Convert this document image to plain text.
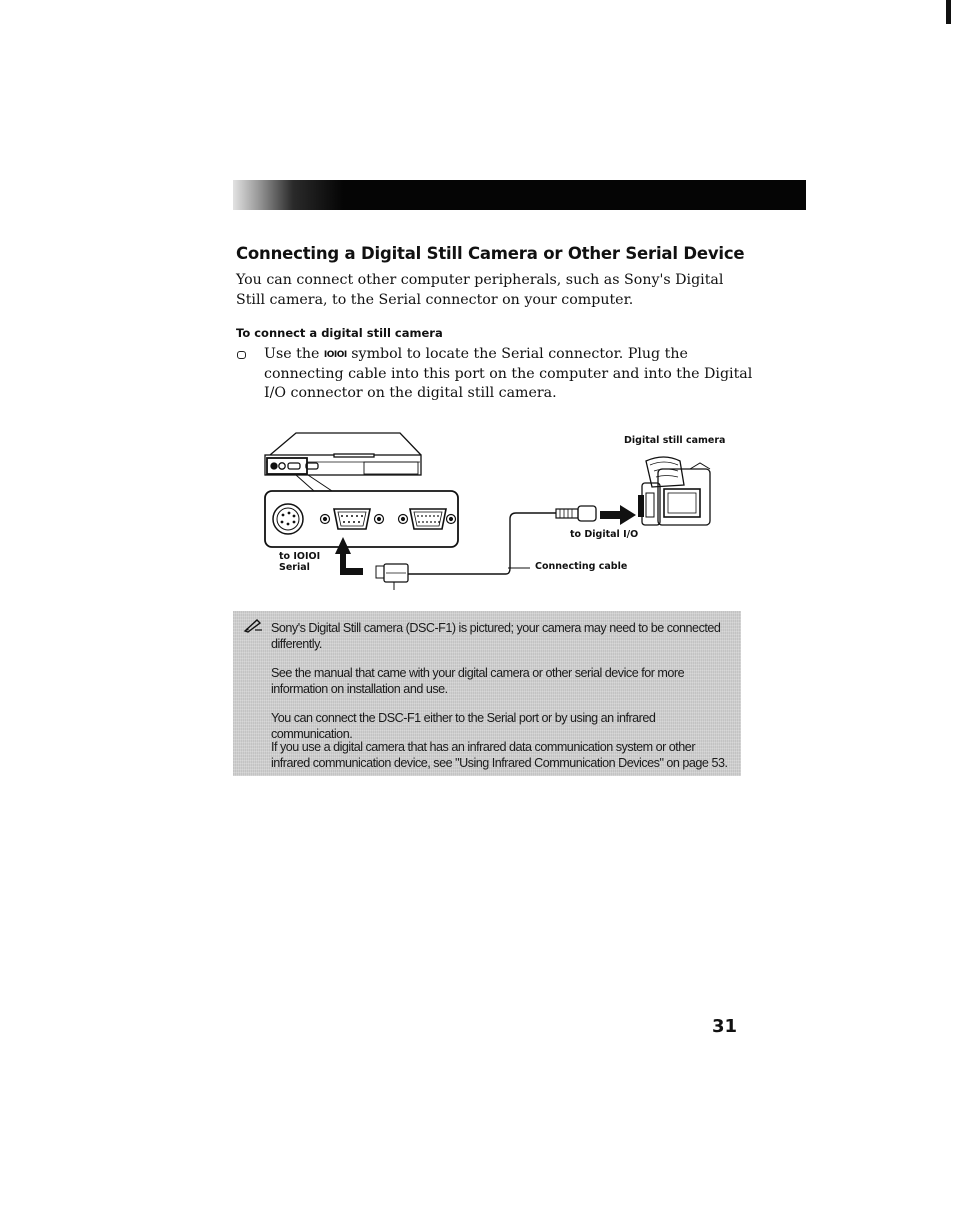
Connecting a Digital Still Camera or Other Serial Device

You can connect other computer peripherals, such as Sony's Digital Still camera, to the Serial connector on your computer.

To connect a digital still camera

Use the IOIOI symbol to locate the Serial connector. Plug the connecting cable into this port on the computer and into the Digital I/O connector on the digital still camera.

Digital still camera
to Digital I/O
to IOIOI
Serial	Connecting cable

Sony's Digital Still camera (DSC-F1) is pictured; your camera may need to be connected differently.

See the manual that came with your digital camera or other serial device for more information on installation and use.

You can connect the DSC-F1 either to the Serial port or by using an infrared communication.

If you use a digital camera that has an infrared data communication system or other infrared communication device, see "Using Infrared Communication Devices" on page 53.

31
